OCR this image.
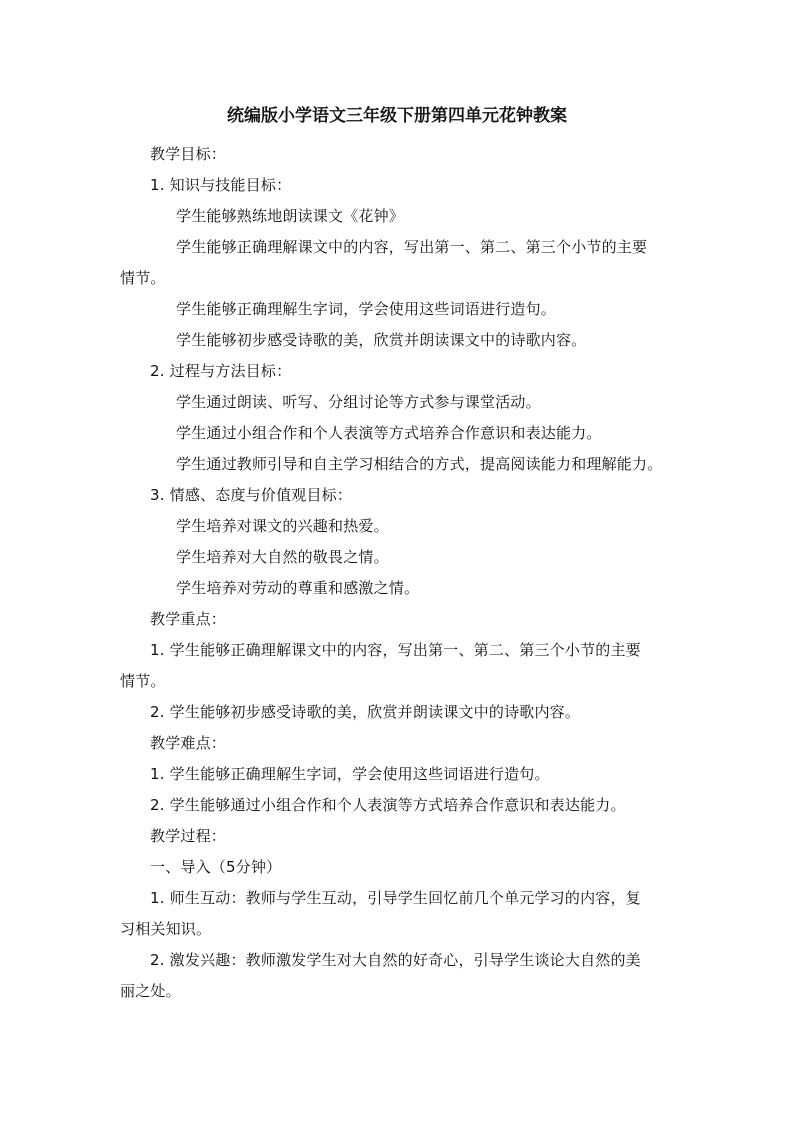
统编版小学语文三年级下册第四单元花钟教案
教学目标：
1. 知识与技能目标：
学生能够熟练地朗读课文《花钟》
学生能够正确理解课文中的内容，写出第一、第二、第三个小节的主要
情节。
学生能够正确理解生字词，学会使用这些词语进行造句。
学生能够初步感受诗歌的美，欣赏并朗读课文中的诗歌内容。
2. 过程与方法目标：
学生通过朗读、听写、分组讨论等方式参与课堂活动。
学生通过小组合作和个人表演等方式培养合作意识和表达能力。
学生通过教师引导和自主学习相结合的方式，提高阅读能力和理解能力。
3. 情感、态度与价值观目标：
学生培养对课文的兴趣和热爱。
学生培养对大自然的敬畏之情。
学生培养对劳动的尊重和感激之情。
教学重点：
1. 学生能够正确理解课文中的内容，写出第一、第二、第三个小节的主要
情节。
2. 学生能够初步感受诗歌的美，欣赏并朗读课文中的诗歌内容。
教学难点：
1. 学生能够正确理解生字词，学会使用这些词语进行造句。
2. 学生能够通过小组合作和个人表演等方式培养合作意识和表达能力。
教学过程：
一、导入（5分钟）
1. 师生互动：教师与学生互动，引导学生回忆前几个单元学习的内容，复
习相关知识。
2. 激发兴趣：教师激发学生对大自然的好奇心，引导学生谈论大自然的美
丽之处。
